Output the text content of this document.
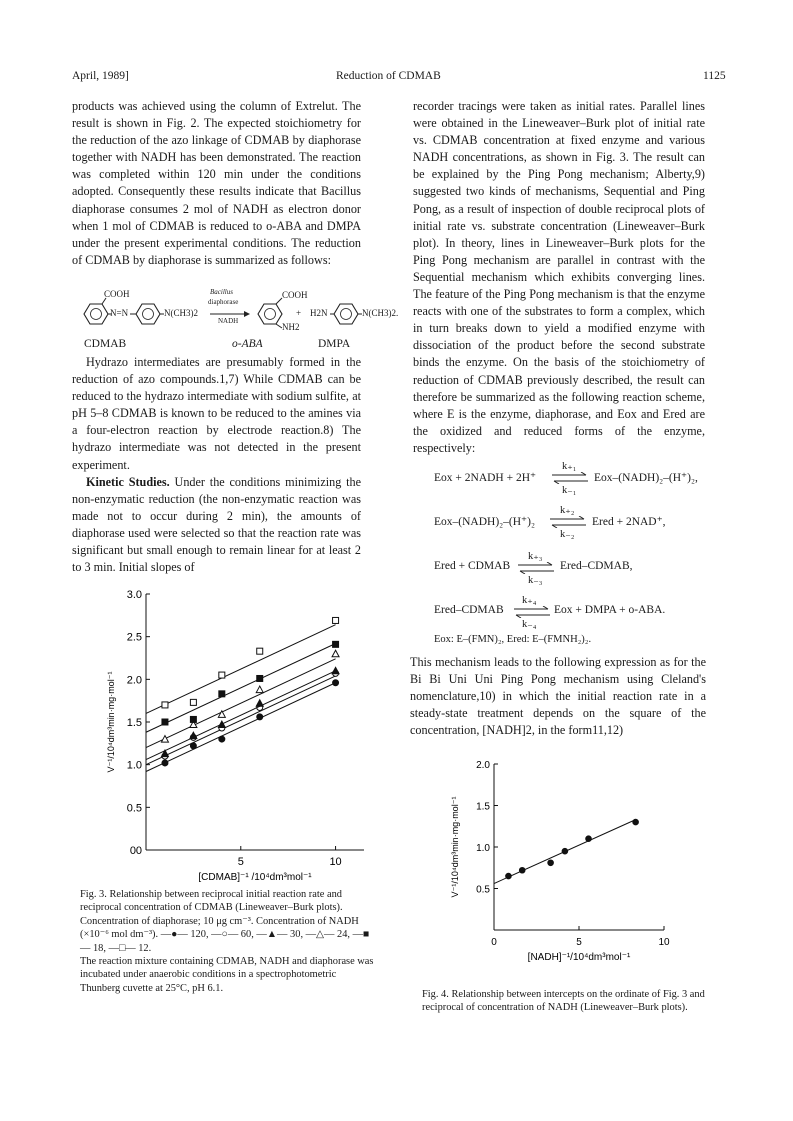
April, 1989]	Reduction of CDMAB	1125

products was achieved using the column of Extrelut. The result is shown in Fig. 2. The expected stoichiometry for the reduction of the azo linkage of CDMAB by diaphorase together with NADH has been demonstrated. The reaction was completed within 120 min under the conditions adopted. Consequently these results indicate that Bacillus diaphorase consumes 2 mol of NADH as electron donor when 1 mol of CDMAB is reduced to o-ABA and DMPA under the present experimental conditions. The reduction of CDMAB by diaphorase is summarized as follows:

COOH
N=N	N(CH3)2
Bacillus
diaphorase
NADH
COOH
NH2
+ H2N	N(CH3)2.
CDMAB	o-ABA	DMPA

Hydrazo intermediates are presumably formed in the reduction of azo compounds.1,7) While CDMAB can be reduced to the hydrazo intermediate with sodium sulfite, at pH 5–8 CDMAB is known to be reduced to the amines via a four-electron reaction by electrode reaction.8) The hydrazo intermediate was not detected in the present experiment.

Kinetic Studies. Under the conditions minimizing the non-enzymatic reduction (the non-enzymatic reaction was made not to occur during 2 min), the amounts of diaphorase used were selected so that the reaction rate was significant but small enough to remain linear for at least 2 to 3 min. Initial slopes of

0
0.5
1.0
1.5
2.0
2.5
3.0
5	10
0
[CDMAB]⁻¹ /10⁴dm³mol⁻¹
V⁻¹/10⁴dm³min·mg·mol⁻¹

Fig. 3. Relationship between reciprocal initial reaction rate and reciprocal concentration of CDMAB (Lineweaver–Burk plots).

Concentration of diaphorase; 10 μg cm⁻³. Concentration of NADH (×10⁻⁶ mol dm⁻³). —●— 120, —○— 60, —▲— 30, —△— 24, —■— 18, —□— 12.

The reaction mixture containing CDMAB, NADH and diaphorase was incubated under anaerobic conditions in a spectrophotometric Thunberg cuvette at 25°C, pH 6.1.

recorder tracings were taken as initial rates. Parallel lines were obtained in the Lineweaver–Burk plot of initial rate vs. CDMAB concentration at fixed enzyme and various NADH concentrations, as shown in Fig. 3. The result can be explained by the Ping Pong mechanism; Alberty,9) suggested two kinds of mechanisms, Sequential and Ping Pong, as a result of inspection of double reciprocal plots of initial rate vs. substrate concentration (Lineweaver–Burk plot). In theory, lines in Lineweaver–Burk plots for the Ping Pong mechanism are parallel in contrast with the Sequential mechanism which exhibits converging lines. The feature of the Ping Pong mechanism is that the enzyme reacts with one of the substrates to form a complex, which in turn breaks down to yield a modified enzyme with dissociation of the product before the second substrate binds the enzyme. On the basis of the stoichiometry of reduction of CDMAB previously described, the result can therefore be summarized as the following reaction scheme, where E is the enzyme, diaphorase, and Eox and Ered are the oxidized and reduced forms of the enzyme, respectively:

Eox + 2NADH + 2H⁺
k₊₁
k₋₁
Eox–(NADH)₂–(H⁺)₂,
Eox–(NADH)₂–(H⁺)₂
k₊₂
k₋₂
Ered + 2NAD⁺,
Ered + CDMAB
k₊₃
k₋₃
Ered–CDMAB,
Ered–CDMAB
k₊₄
k₋₄
Eox + DMPA + o-ABA.
Eox: E–(FMN)₂, Ered: E–(FMNH₂)₂.

This mechanism leads to the following expression as for the Bi Bi Uni Uni Ping Pong mechanism using Cleland's nomenclature,10) in which the initial reaction rate in a steady-state treatment depends on the square of the concentration, [NADH]2, in the form11,12)

0.5
1.0
1.5
2.0
0	5	10
[NADH]⁻¹/10⁴dm³mol⁻¹
V⁻¹/10⁴dm³min·mg·mol⁻¹

Fig. 4. Relationship between intercepts on the ordinate of Fig. 3 and reciprocal of concentration of NADH (Lineweaver–Burk plots).
